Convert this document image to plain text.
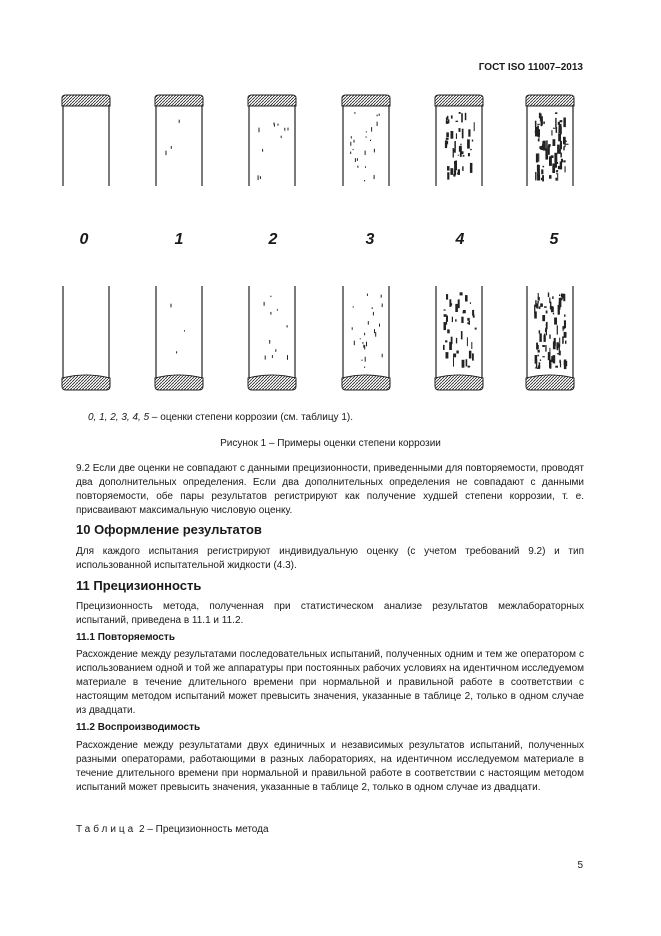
ГОСТ ISO 11007–2013
0	1	2	3	4	5
0, 1, 2, 3, 4, 5 – оценки степени коррозии (см. таблицу 1).
Рисунок 1 – Примеры оценки степени коррозии

9.2 Если две оценки не совпадают с данными прецизионности, приведенными для повторяемости, проводят два дополнительных определения. Если два дополнительных определения не совпадают с данными повторяемости, обе пары результатов регистрируют как получение худшей степени коррозии, т. е. присваивают максимальную числовую оценку.

10 Оформление результатов

Для каждого испытания регистрируют индивидуальную оценку (с учетом требований 9.2) и тип использованной испытательной жидкости (4.3).

11 Прецизионность

Прецизионность метода, полученная при статистическом анализе результатов межлабораторных испытаний, приведена в 11.1 и 11.2.

11.1 Повторяемость

Расхождение между результатами последовательных испытаний, полученных одним и тем же оператором с использованием одной и той же аппаратуры при постоянных рабочих условиях на идентичном исследуемом материале в течение длительного времени при нормальной и правильной работе в соответствии с настоящим методом испытаний может превысить значения, указанные в таблице 2, только в одном случае из двадцати.

11.2 Воспроизводимость

Расхождение между результатами двух единичных и независимых результатов испытаний, полученных разными операторами, работающими в разных лабораториях, на идентичном исследуемом материале в течение длительного времени при нормальной и правильной работе в соответствии с настоящим методом испытаний может превысить значения, указанные в таблице 2, только в одном случае из двадцати.

Таблица 2 – Прецизионность метода
5
